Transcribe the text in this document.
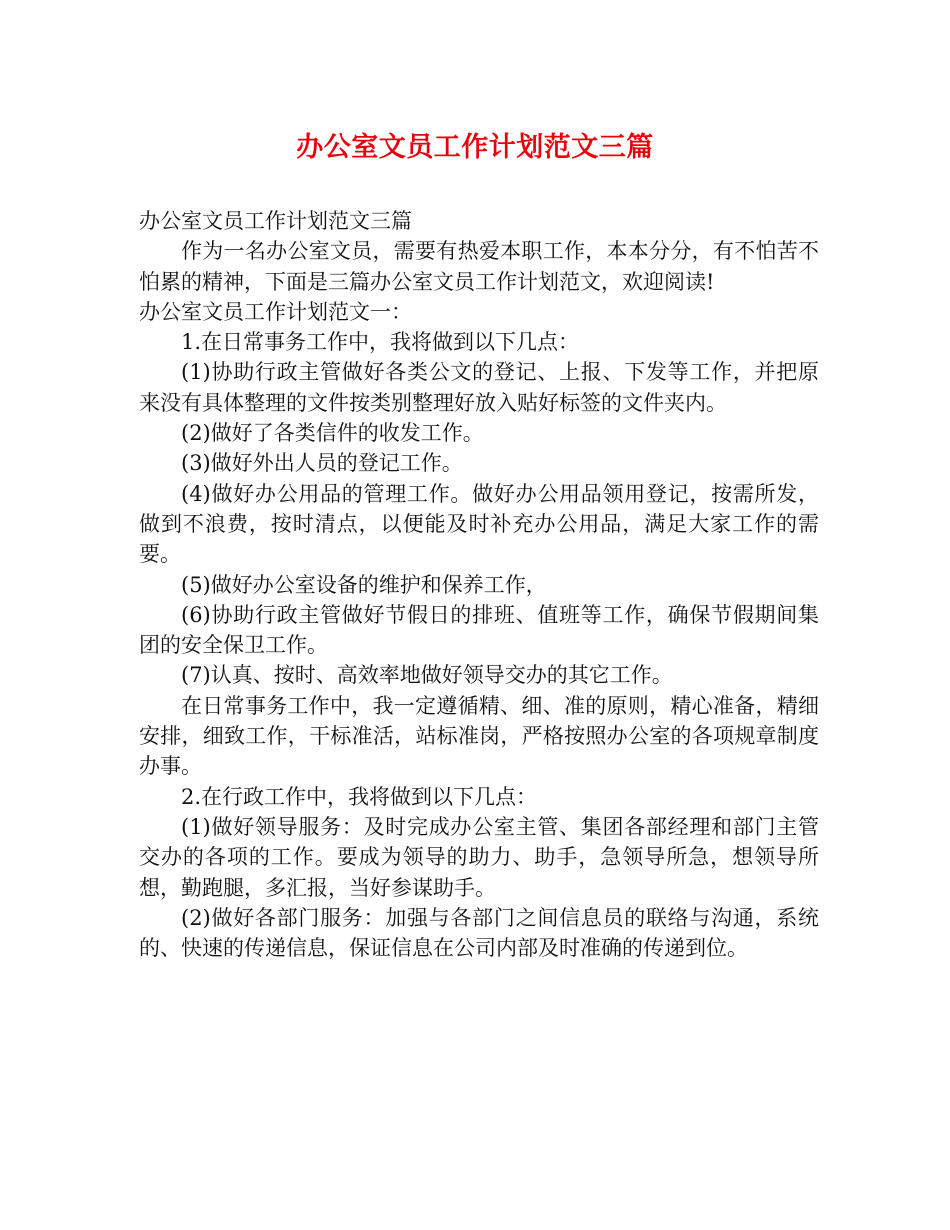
办公室文员工作计划范文三篇

办公室文员工作计划范文三篇

作为一名办公室文员，需要有热爱本职工作，本本分分，有不怕苦不怕累的精神，下面是三篇办公室文员工作计划范文，欢迎阅读!

办公室文员工作计划范文一：

1.在日常事务工作中，我将做到以下几点：

(1)协助行政主管做好各类公文的登记、上报、下发等工作，并把原来没有具体整理的文件按类别整理好放入贴好标签的文件夹内。

(2)做好了各类信件的收发工作。

(3)做好外出人员的登记工作。

(4)做好办公用品的管理工作。做好办公用品领用登记，按需所发，做到不浪费，按时清点，以便能及时补充办公用品，满足大家工作的需要。

(5)做好办公室设备的维护和保养工作，

(6)协助行政主管做好节假日的排班、值班等工作，确保节假期间集团的安全保卫工作。

(7)认真、按时、高效率地做好领导交办的其它工作。

在日常事务工作中，我一定遵循精、细、准的原则，精心准备，精细安排，细致工作，干标准活，站标准岗，严格按照办公室的各项规章制度办事。

2.在行政工作中，我将做到以下几点：

(1)做好领导服务：及时完成办公室主管、集团各部经理和部门主管交办的各项的工作。要成为领导的助力、助手，急领导所急，想领导所想，勤跑腿，多汇报，当好参谋助手。

(2)做好各部门服务：加强与各部门之间信息员的联络与沟通，系统的、快速的传递信息，保证信息在公司内部及时准确的传递到位。
